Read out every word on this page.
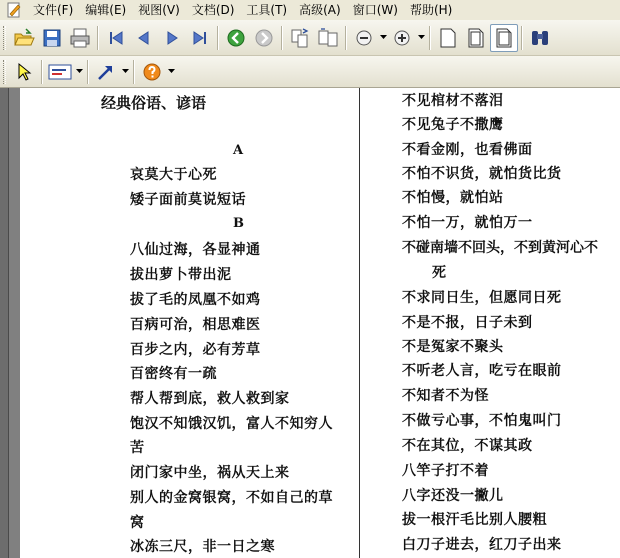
文件(F)	编辑(E)	视图(V)	文档(D)	工具(T)	高级(A)	窗口(W)	帮助(H)
经典俗语、谚语
A
哀莫大于心死
矮子面前莫说短话
B
八仙过海，各显神通
拔出萝卜带出泥
拔了毛的凤凰不如鸡
百病可治，相思难医
百步之内，必有芳草
百密终有一疏
帮人帮到底，救人救到家
饱汉不知饿汉饥，富人不知穷人
苦
闭门家中坐，祸从天上来
别人的金窝银窝，不如自己的草
窝
冰冻三尺，非一日之寒
不见棺材不落泪
不见兔子不撒鹰
不看金刚，也看佛面
不怕不识货，就怕货比货
不怕慢，就怕站
不怕一万，就怕万一
不碰南墙不回头，不到黄河心不
死
不求同日生，但愿同日死
不是不报，日子未到
不是冤家不聚头
不听老人言，吃亏在眼前
不知者不为怪
不做亏心事，不怕鬼叫门
不在其位，不谋其政
八竿子打不着
八字还没一撇儿
拔一根汗毛比别人腰粗
白刀子进去，红刀子出来
